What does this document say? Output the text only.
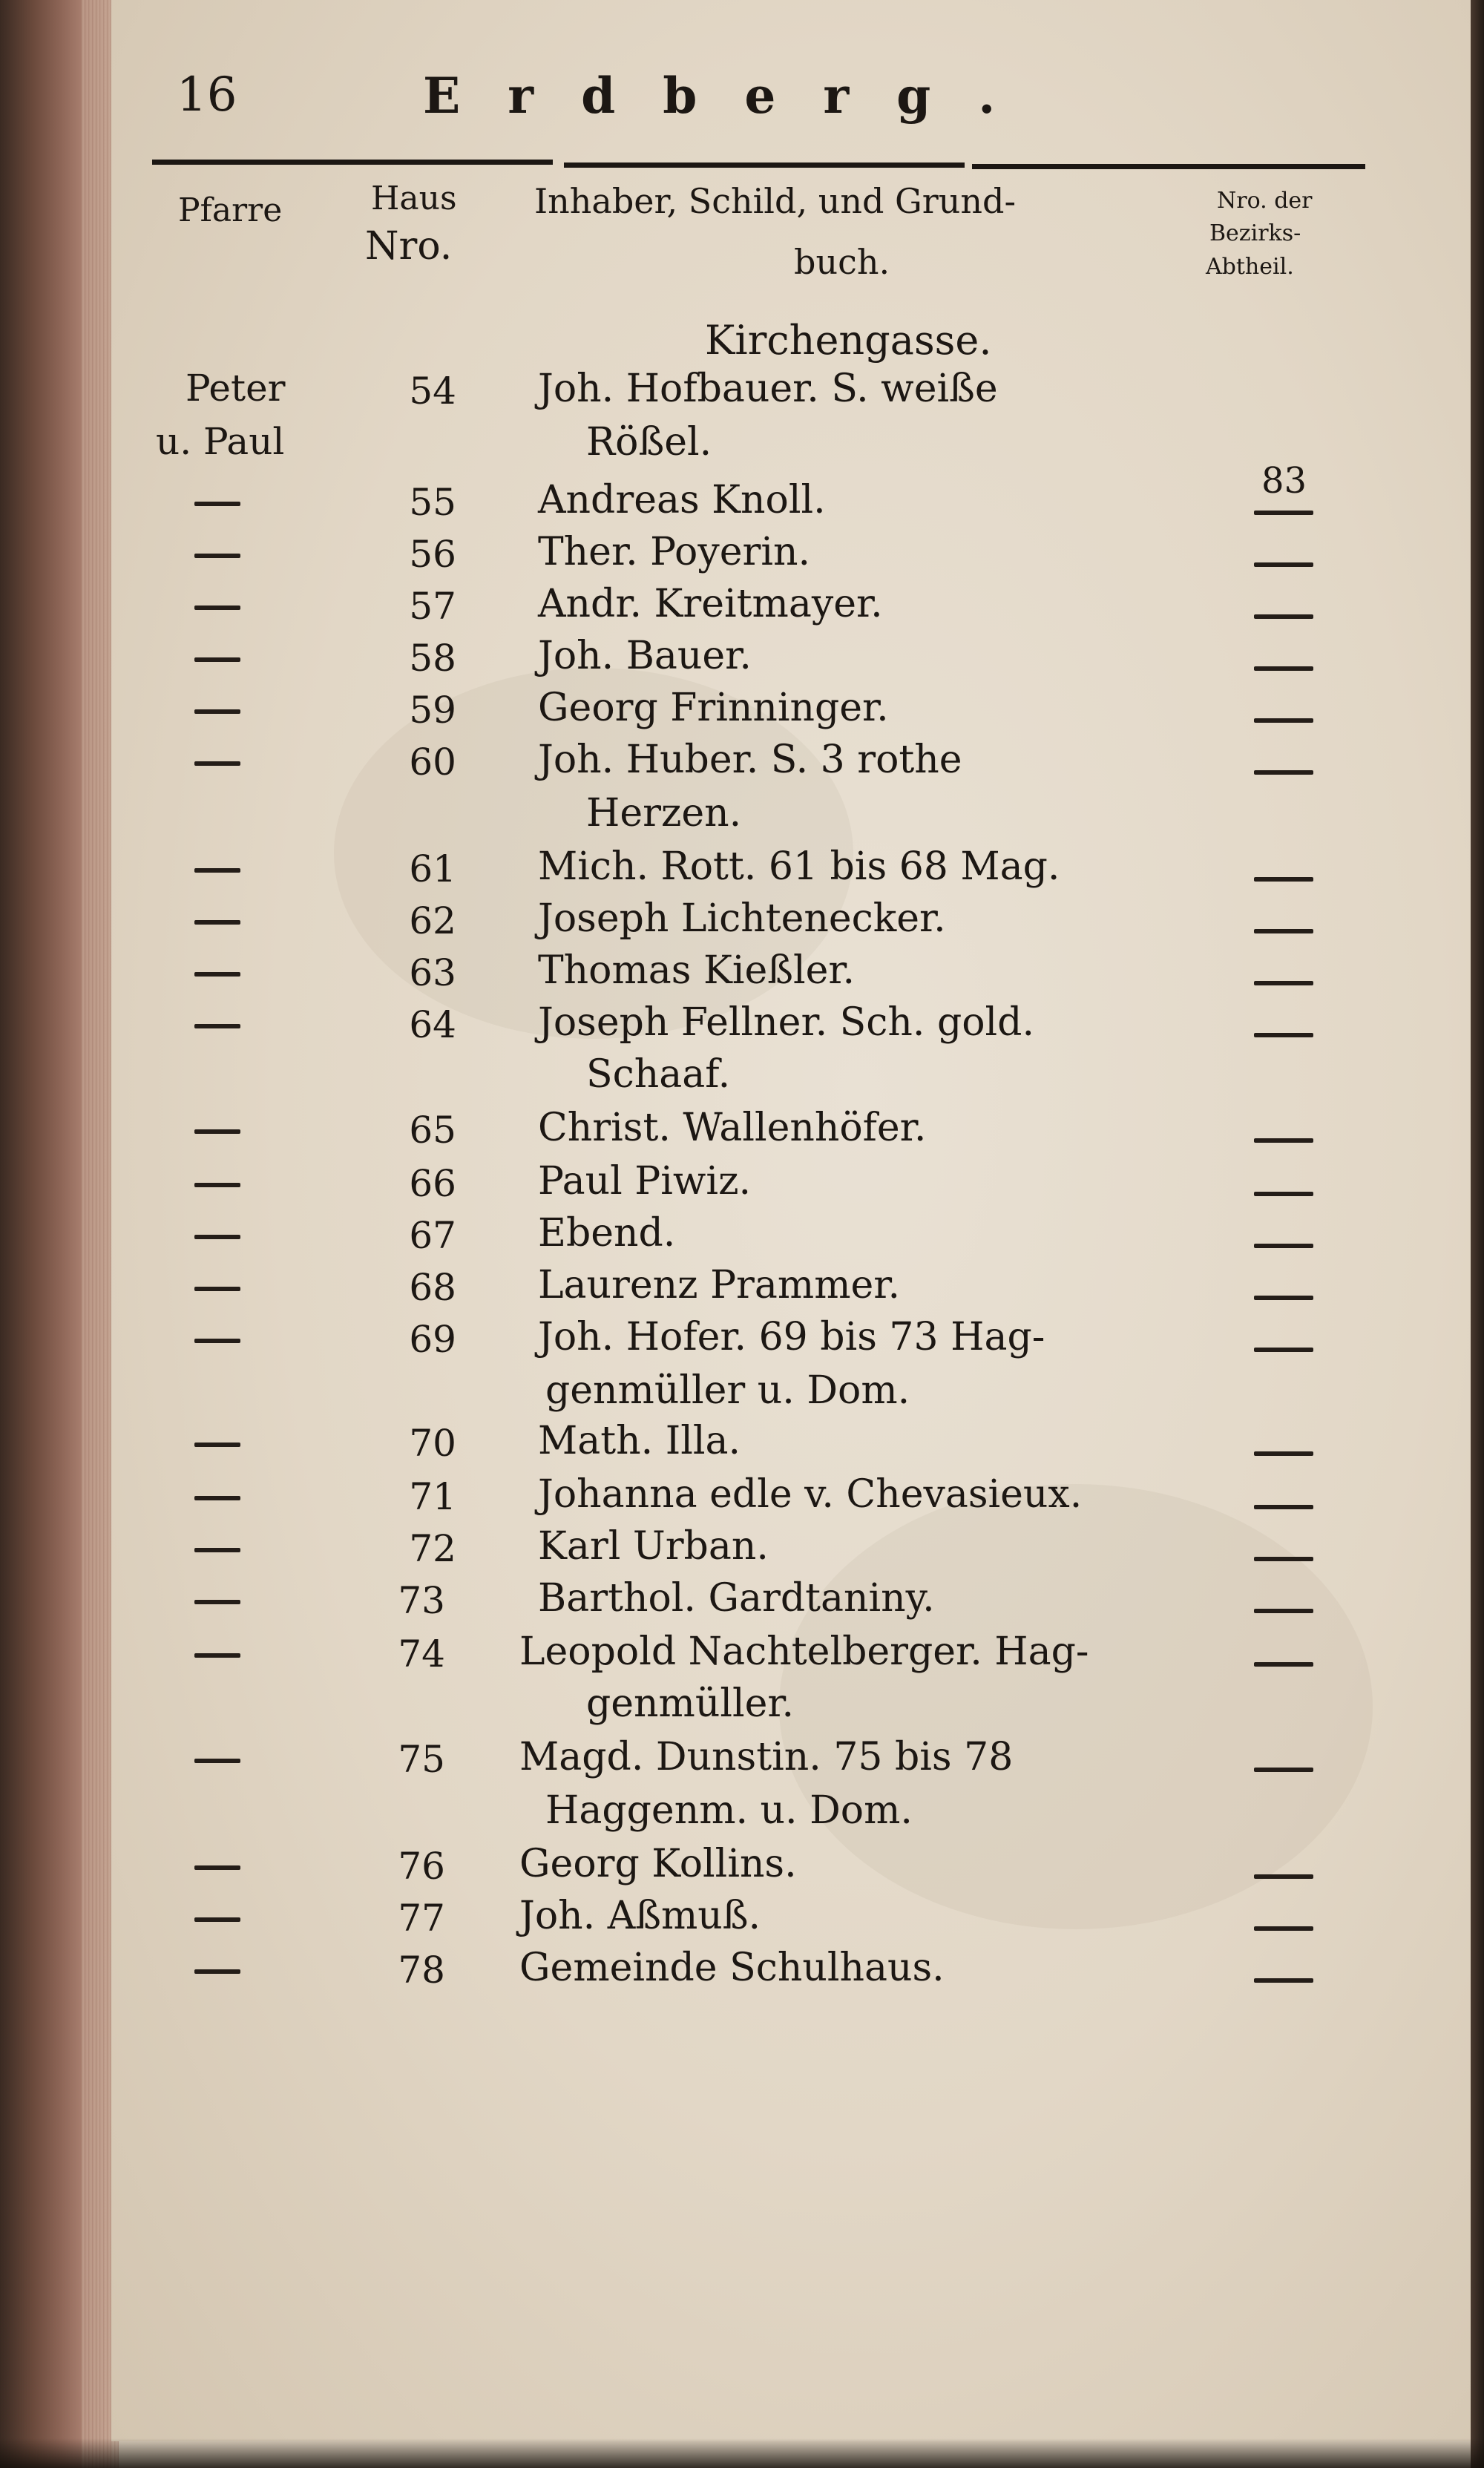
16	Erdberg.
Pfarre	Haus
Nro.
Inhaber, Schild, und Grund-
buch.
Nro. der
Bezirks-
Abtheil.
Kirchengasse.
Peter
u. Paul
83
54 Joh. Hofbauer. S. weiße
Rößel.
55 Andreas Knoll.
56 Ther. Poyerin.
57 Andr. Kreitmayer.
58 Joh. Bauer.
59 Georg Frinninger.
60 Joh. Huber. S. 3 rothe
Herzen.
61 Mich. Rott. 61 bis 68 Mag.
62 Joseph Lichtenecker.
63 Thomas Kießler.
64 Joseph Fellner. Sch. gold.
Schaaf.
65 Christ. Wallenhöfer.
66 Paul Piwiz.
67 Ebend.
68 Laurenz Prammer.
69 Joh. Hofer. 69 bis 73 Hag-
genmüller u. Dom.
70 Math. Illa.
71 Johanna edle v. Chevasieux.
72 Karl Urban.
73 Barthol. Gardtaniny.
74 Leopold Nachtelberger. Hag-
genmüller.
75 Magd. Dunstin. 75 bis 78
Haggenm. u. Dom.
76 Georg Kollins.
77 Joh. Aßmuß.
78 Gemeinde Schulhaus.
